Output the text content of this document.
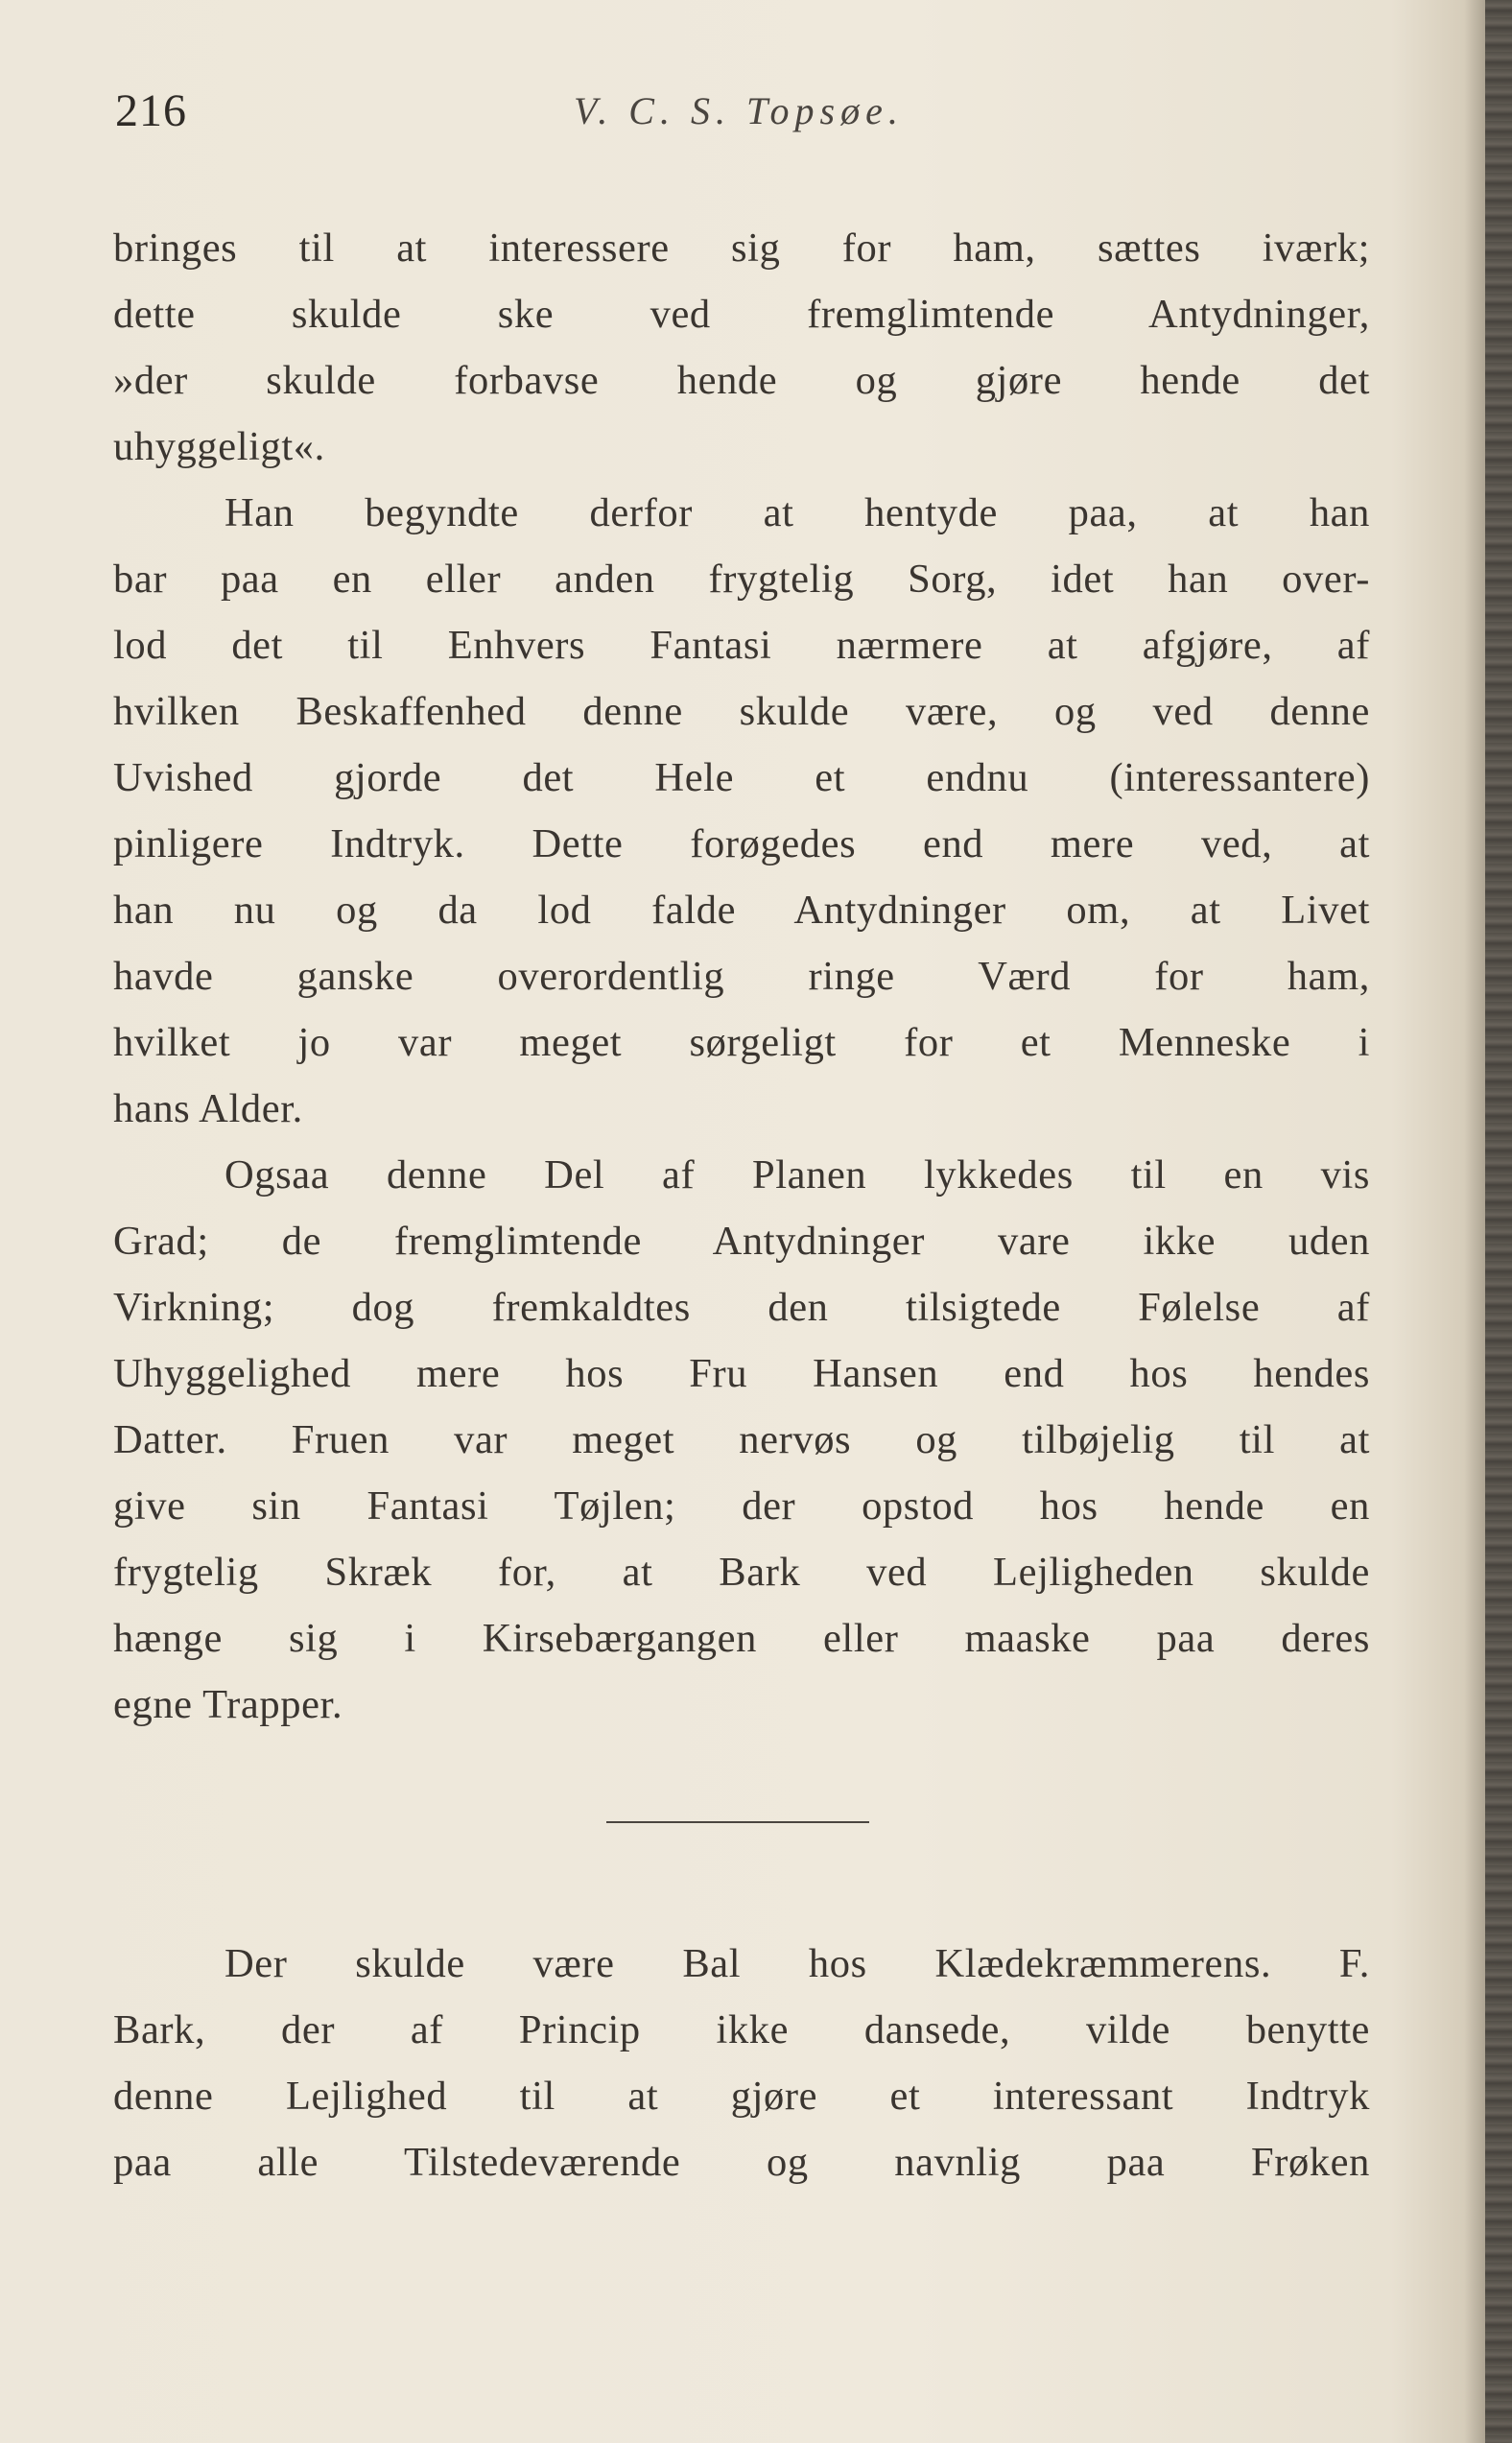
216	V. C. S. Topsøe.
bringes til at interessere sig for ham, sættes iværk;
dette skulde ske ved fremglimtende Antydninger,
»der skulde forbavse hende og gjøre hende det
uhyggeligt«.
Han begyndte derfor at hentyde paa, at han
bar paa en eller anden frygtelig Sorg, idet han over-
lod det til Enhvers Fantasi nærmere at afgjøre, af
hvilken Beskaffenhed denne skulde være, og ved denne
Uvished gjorde det Hele et endnu (interessantere)
pinligere Indtryk. Dette forøgedes end mere ved, at
han nu og da lod falde Antydninger om, at Livet
havde ganske overordentlig ringe Værd for ham,
hvilket jo var meget sørgeligt for et Menneske i
hans Alder.
Ogsaa denne Del af Planen lykkedes til en vis
Grad; de fremglimtende Antydninger vare ikke uden
Virkning; dog fremkaldtes den tilsigtede Følelse af
Uhyggelighed mere hos Fru Hansen end hos hendes
Datter. Fruen var meget nervøs og tilbøjelig til at
give sin Fantasi Tøjlen; der opstod hos hende en
frygtelig Skræk for, at Bark ved Lejligheden skulde
hænge sig i Kirsebærgangen eller maaske paa deres
egne Trapper.
Der skulde være Bal hos Klædekræmmerens. F.
Bark, der af Princip ikke dansede, vilde benytte
denne Lejlighed til at gjøre et interessant Indtryk
paa alle Tilstedeværende og navnlig paa Frøken
